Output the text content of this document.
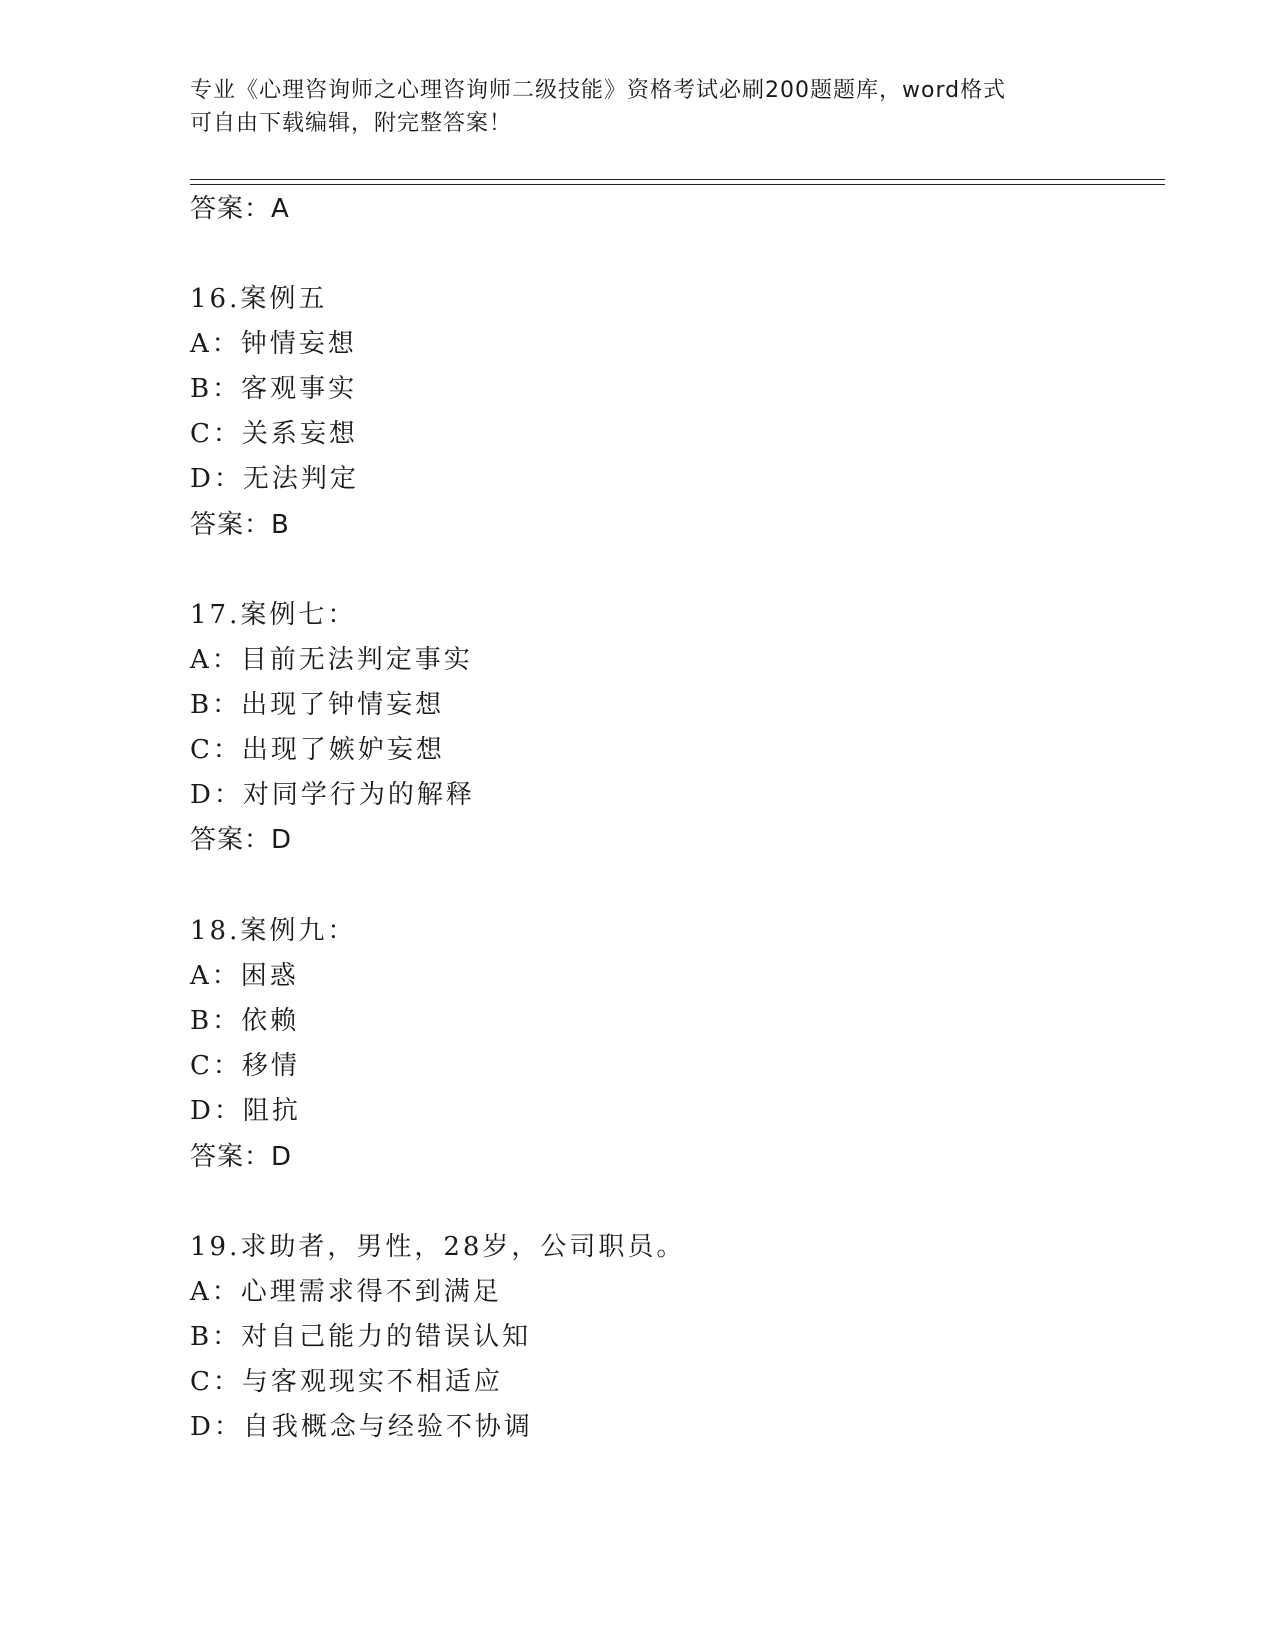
专业《心理咨询师之心理咨询师二级技能》资格考试必刷200题题库，word格式
可自由下载编辑，附完整答案！
答案：A
16.案例五
A：钟情妄想
B：客观事实
C：关系妄想
D：无法判定
答案：B
17.案例七：
A：目前无法判定事实
B：出现了钟情妄想
C：出现了嫉妒妄想
D：对同学行为的解释
答案：D
18.案例九：
A：困惑
B：依赖
C：移情
D：阻抗
答案：D
19.求助者，男性，28岁，公司职员。
A：心理需求得不到满足
B：对自己能力的错误认知
C：与客观现实不相适应
D：自我概念与经验不协调
